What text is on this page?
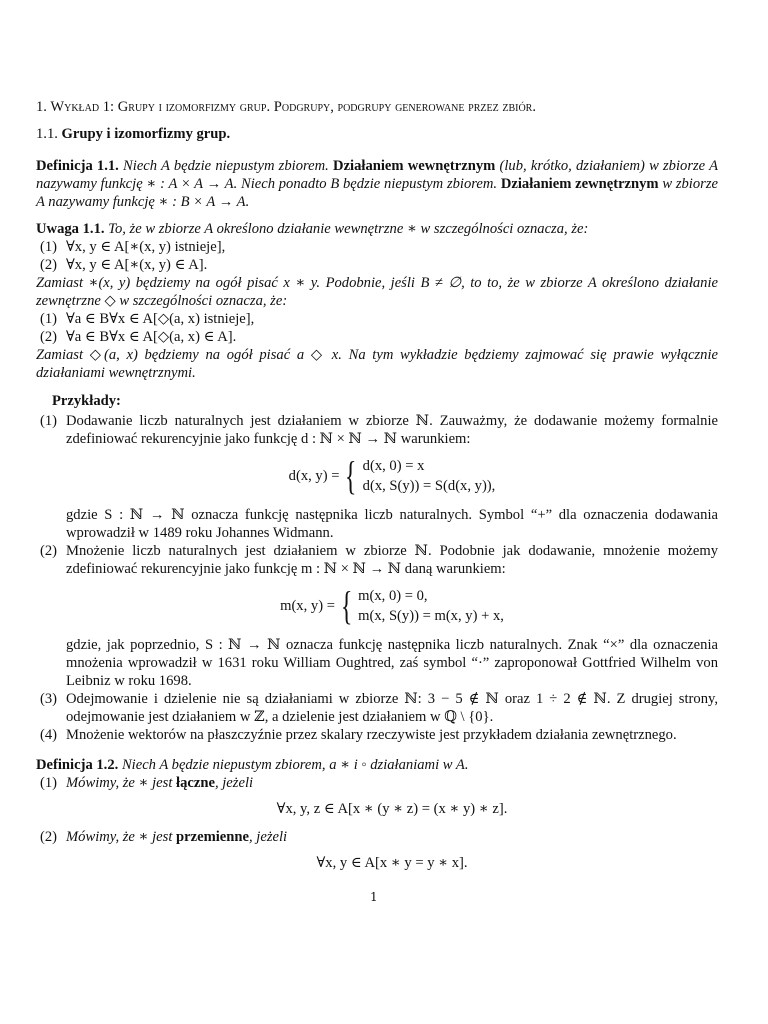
1. Wykład 1: Grupy i izomorfizmy grup. Podgrupy, podgrupy generowane przez zbiór.

1.1. Grupy i izomorfizmy grup.

Definicja 1.1. Niech A będzie niepustym zbiorem. Działaniem wewnętrznym (lub, krótko, działaniem) w zbiorze A nazywamy funkcję ∗ : A × A → A. Niech ponadto B będzie niepustym zbiorem. Działaniem zewnętrznym w zbiorze A nazywamy funkcję ∗ : B × A → A.
Uwaga 1.1. To, że w zbiorze A określono działanie wewnętrzne ∗ w szczególności oznacza, że:
(1) ∀x, y ∈ A[∗(x, y) istnieje],
(2) ∀x, y ∈ A[∗(x, y) ∈ A].

Zamiast ∗(x, y) będziemy na ogół pisać x ∗ y. Podobnie, jeśli B ≠ ∅, to to, że w zbiorze A określono działanie zewnętrzne ◇ w szczególności oznacza, że:

(1) ∀a ∈ B∀x ∈ A[◇(a, x) istnieje],
(2) ∀a ∈ B∀x ∈ A[◇(a, x) ∈ A].

Zamiast ◇(a, x) będziemy na ogół pisać a ◇ x. Na tym wykładzie będziemy zajmować się prawie wyłącznie działaniami wewnętrznymi.

Przykłady:

(1) Dodawanie liczb naturalnych jest działaniem w zbiorze ℕ. Zauważmy, że dodawanie możemy formalnie zdefiniować rekurencyjnie jako funkcję d : ℕ × ℕ → ℕ warunkiem:
d(x, y) = { d(x, 0) = x
d(x, S(y)) = S(d(x, y)),
gdzie S : ℕ → ℕ oznacza funkcję następnika liczb naturalnych. Symbol “+” dla oznaczenia dodawania wprowadził w 1489 roku Johannes Widmann.
(2) Mnożenie liczb naturalnych jest działaniem w zbiorze ℕ. Podobnie jak dodawanie, mnożenie możemy zdefiniować rekurencyjnie jako funkcję m : ℕ × ℕ → ℕ daną warunkiem:
m(x, y) = { m(x, 0) = 0,
m(x, S(y)) = m(x, y) + x,
gdzie, jak poprzednio, S : ℕ → ℕ oznacza funkcję następnika liczb naturalnych. Znak “×” dla oznaczenia mnożenia wprowadził w 1631 roku William Oughtred, zaś symbol “·” zaproponował Gottfried Wilhelm von Leibniz w roku 1698.
(3) Odejmowanie i dzielenie nie są działaniami w zbiorze ℕ: 3 − 5 ∉ ℕ oraz 1 ÷ 2 ∉ ℕ. Z drugiej strony, odejmowanie jest działaniem w ℤ, a dzielenie jest działaniem w ℚ \ {0}.
(4) Mnożenie wektorów na płaszczyźnie przez skalary rzeczywiste jest przykładem działania zewnętrznego.
Definicja 1.2. Niech A będzie niepustym zbiorem, a ∗ i ◦ działaniami w A.
(1) Mówimy, że ∗ jest łączne, jeżeli

∀x, y, z ∈ A[x ∗ (y ∗ z) = (x ∗ y) ∗ z].

(2) Mówimy, że ∗ jest przemienne, jeżeli

∀x, y ∈ A[x ∗ y = y ∗ x].

1
